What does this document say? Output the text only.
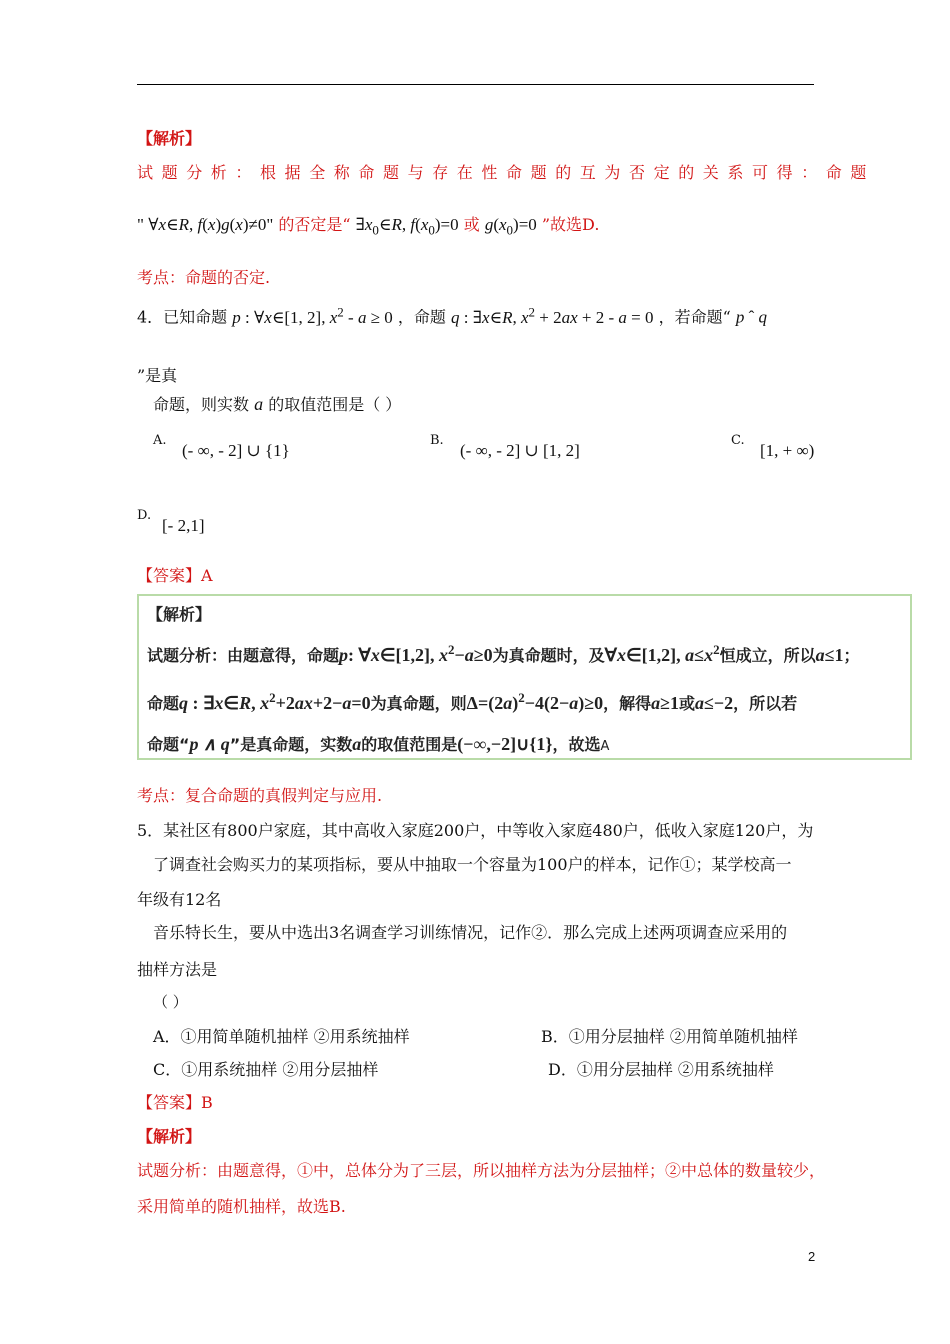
【解析】
试题分析：根据全称命题与存在性命题的互为否定的关系可得：命题
" ∀x∈R, f(x)g(x)≠0" 的否定是“ $\exists x_0\in R$, $f(x_0)=0$ 或 $g(x_0)=0$ ”故选D.
考点：命题的否定.
4．已知命题 p : ∀x∈[1, 2], $x^2 - a \ge 0$ ，命题 q : ∃x∈R, $x^2 + 2ax + 2 - a = 0$ ，若命题“ p ˆ q
”是真
命题，则实数 a 的取值范围是（ ）
A.
(- ∞, - 2] ∪ {1}
B.
(- ∞, - 2] ∪ [1, 2]
C.
[1, + ∞)
D.
[- 2,1]
【答案】A
【解析】
试题分析：由题意得，命题p: ∀x∈[1,2], $x^2-a\ge 0$为真命题时，及∀x∈[1,2], $a\le x^2$恒成立，所以a≤1；
命题q : ∃x∈R, $x^2+2ax+2-a=0$为真命题，则$\Delta=(2a)^2-4(2-a)\ge 0$，解得a≥1或a≤−2，所以若
命题“p ∧ q”是真命题，实数a的取值范围是(−∞,−2]∪{1}，故选A
考点：复合命题的真假判定与应用.
5．某社区有800户家庭，其中高收入家庭200户，中等收入家庭480户，低收入家庭120户，为
了调查社会购买力的某项指标，要从中抽取一个容量为100户的样本，记作①；某学校高一
年级有12名
音乐特长生，要从中选出3名调查学习训练情况，记作②．那么完成上述两项调查应采用的
抽样方法是
（ ）
A．①用简单随机抽样 ②用系统抽样	B．①用分层抽样 ②用简单随机抽样
C．①用系统抽样 ②用分层抽样	D．①用分层抽样 ②用系统抽样
【答案】B
【解析】
试题分析：由题意得，①中，总体分为了三层，所以抽样方法为分层抽样；②中总体的数量较少，
采用简单的随机抽样，故选B.
2
